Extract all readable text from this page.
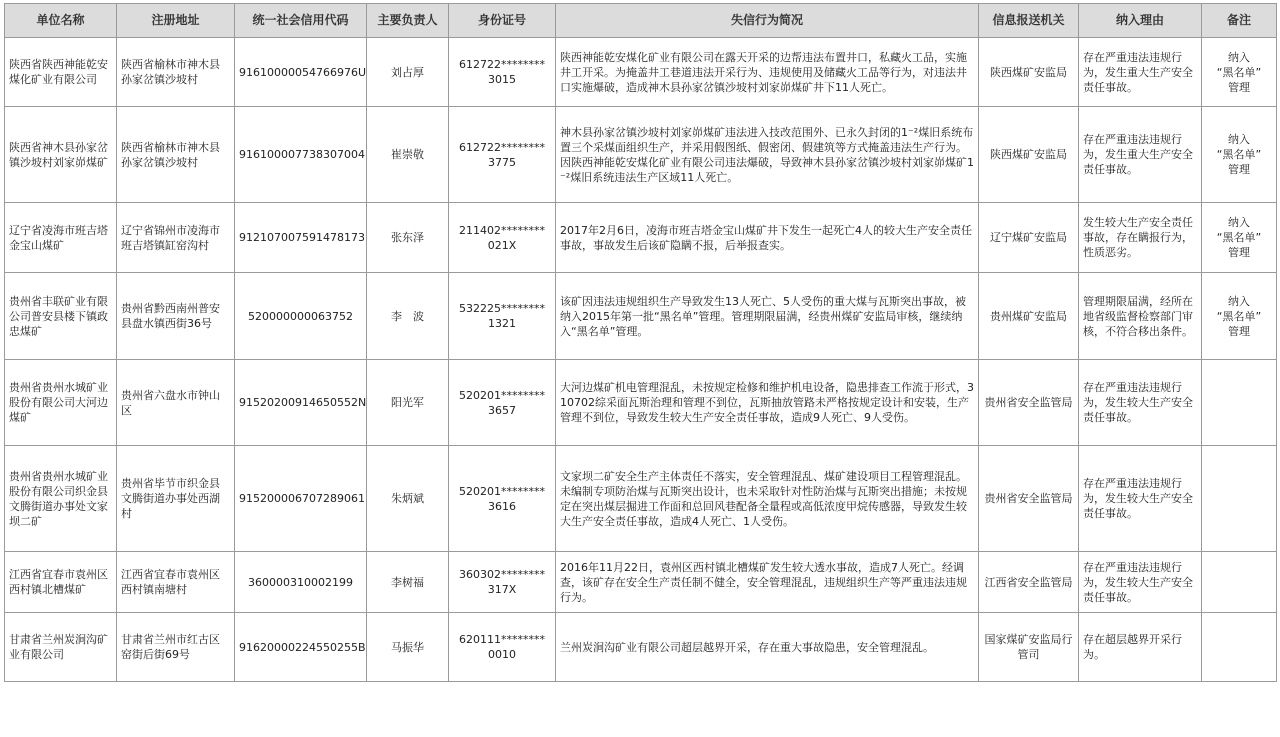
单位名称	注册地址	统一社会信用代码	主要负责人	身份证号	失信行为简况	信息报送机关	纳入理由	备注
陕西省陕西神能乾安煤化矿业有限公司	陕西省榆林市神木县孙家岔镇沙坡村	91610000054766976U	刘占厚	612722********
3015	陕西神能乾安煤化矿业有限公司在露天开采的边帮违法布置井口，私藏火工品，实施井工开采。为掩盖井工巷道违法开采行为、违规使用及储藏火工品等行为，对违法井口实施爆破，造成神木县孙家岔镇沙坡村刘家峁煤矿井下11人死亡。	陕西煤矿安监局	存在严重违法违规行为，发生重大生产安全责任事故。	纳入
“黑名单”
管理

陕西省神木县孙家岔镇沙坡村刘家峁煤矿	陕西省榆林市神木县孙家岔镇沙坡村	916100007738307004	崔崇敬	612722********
3775	神木县孙家岔镇沙坡村刘家峁煤矿违法进入技改范围外、已永久封闭的1⁻²煤旧系统布置三个采煤面组织生产，并采用假图纸、假密闭、假建筑等方式掩盖违法生产行为。因陕西神能乾安煤化矿业有限公司违法爆破，导致神木县孙家岔镇沙坡村刘家峁煤矿1⁻²煤旧系统违法生产区域11人死亡。	陕西煤矿安监局	存在严重违法违规行为，发生重大生产安全责任事故。	纳入
“黑名单”
管理

辽宁省凌海市班吉塔金宝山煤矿	辽宁省锦州市凌海市班吉塔镇缸窑沟村	912107007591478173	张东泽	211402********
021X	2017年2月6日，凌海市班吉塔金宝山煤矿井下发生一起死亡4人的较大生产安全责任事故，事故发生后该矿隐瞒不报，后举报查实。	辽宁煤矿安监局	发生较大生产安全责任事故，存在瞒报行为，性质恶劣。	纳入
“黑名单”
管理

贵州省丰联矿业有限公司普安县楼下镇政忠煤矿	贵州省黔西南州普安县盘水镇西街36号	520000000063752	李　波	532225********
1321	该矿因违法违规组织生产导致发生13人死亡、5人受伤的重大煤与瓦斯突出事故，被纳入2015年第一批“黑名单”管理。管理期限届满，经贵州煤矿安监局审核，继续纳入“黑名单”管理。	贵州煤矿安监局	管理期限届满，经所在地省级监督检察部门审核，不符合移出条件。	纳入
“黑名单”
管理

贵州省贵州水城矿业股份有限公司大河边煤矿	贵州省六盘水市钟山区	91520200914650552N	阳光军	520201********
3657	大河边煤矿机电管理混乱，未按规定检修和维护机电设备，隐患排查工作流于形式，310702综采面瓦斯治理和管理不到位，瓦斯抽放管路未严格按规定设计和安装，生产管理不到位，导致发生较大生产安全责任事故，造成9人死亡、9人受伤。	贵州省安全监管局	存在严重违法违规行为，发生较大生产安全责任事故。	

贵州省贵州水城矿业股份有限公司织金县文腾街道办事处文家坝二矿	贵州省毕节市织金县文腾街道办事处西湖村	915200006707289061	朱炳斌	520201********
3616	文家坝二矿安全生产主体责任不落实，安全管理混乱、煤矿建设项目工程管理混乱。未编制专项防治煤与瓦斯突出设计，也未采取针对性防治煤与瓦斯突出措施；未按规定在突出煤层掘进工作面和总回风巷配备全量程或高低浓度甲烷传感器，导致发生较大生产安全责任事故，造成4人死亡、1人受伤。	贵州省安全监管局	存在严重违法违规行为，发生较大生产安全责任事故。	

江西省宜春市袁州区西村镇北槽煤矿	江西省宜春市袁州区西村镇南塘村	360000310002199	李树福	360302********
317X	2016年11月22日，袁州区西村镇北槽煤矿发生较大透水事故，造成7人死亡。经调查，该矿存在安全生产责任制不健全，安全管理混乱，违规组织生产等严重违法违规行为。	江西省安全监管局	存在严重违法违规行为，发生较大生产安全责任事故。	

甘肃省兰州炭涧沟矿业有限公司	甘肃省兰州市红古区窑街后街69号	91620000224550255B	马振华	620111********
0010	兰州炭涧沟矿业有限公司超层越界开采，存在重大事故隐患，安全管理混乱。	国家煤矿安监局行管司	存在超层越界开采行为。	
